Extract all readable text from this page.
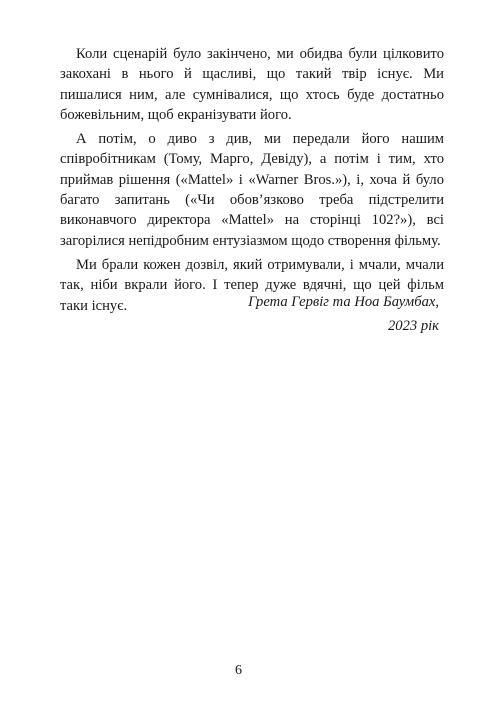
Коли сценарій було закінчено, ми обидва були цілковито закохані в нього й щасливі, що такий твір існує. Ми пишалися ним, але сумнівалися, що хтось буде достатньо божевільним, щоб екранізувати його.

А потім, о диво з див, ми передали його нашим співробітникам (Тому, Марго, Девіду), а потім і тим, хто приймав рішення («Mattel» і «Warner Bros.»), і, хоча й було багато запитань («Чи обов’язково треба підстрелити виконавчого директора «Mattel» на сторінці 102?»), всі загорілися непідробним ентузіазмом щодо створення фільму.

Ми брали кожен дозвіл, який отримували, і мчали, мчали так, ніби вкрали його. І тепер дуже вдячні, що цей фільм таки існує.	Грета Гервіг та Ноа Баумбах,
2023 рік
6
